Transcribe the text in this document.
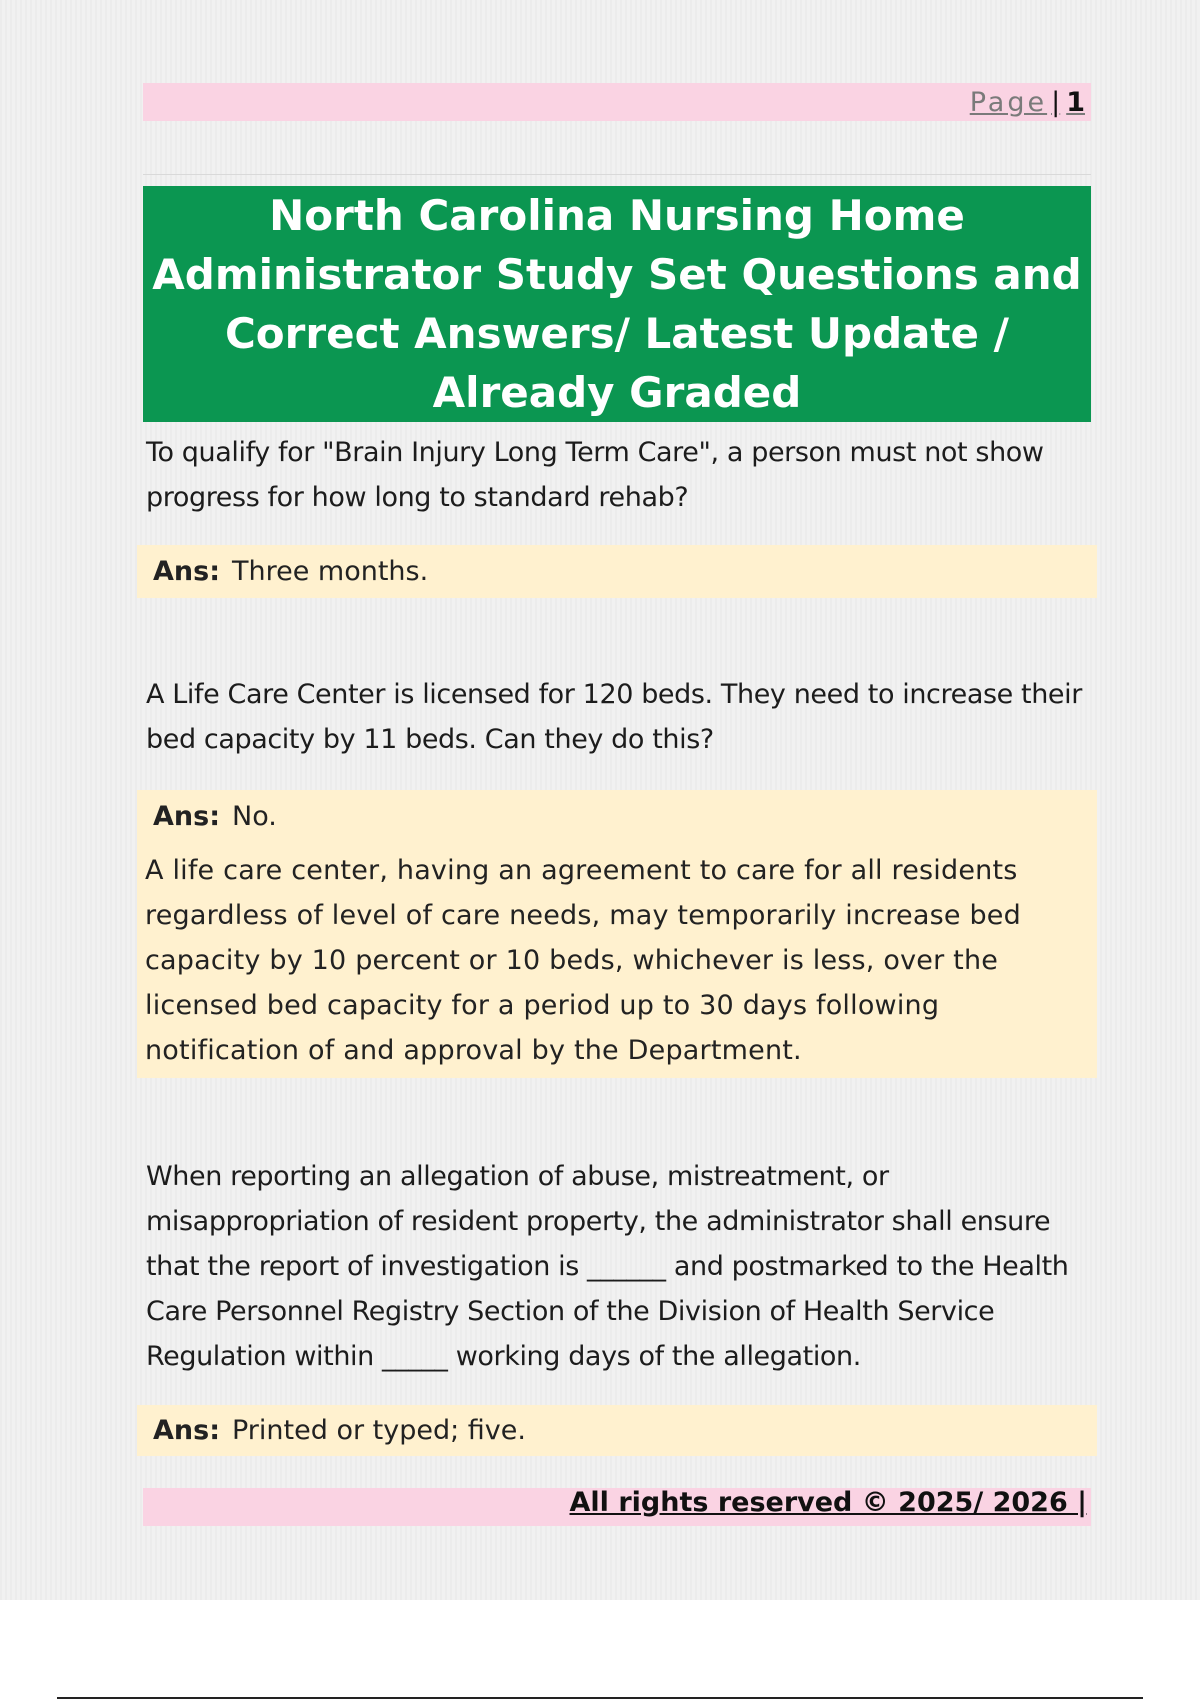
Page | 1
North Carolina Nursing Home Administrator Study Set Questions and Correct Answers/ Latest Update / Already Graded
To qualify for "Brain Injury Long Term Care", a person must not show progress for how long to standard rehab?
Ans: Three months.
A Life Care Center is licensed for 120 beds. They need to increase their bed capacity by 11 beds. Can they do this?
Ans: No.
A life care center, having an agreement to care for all residents regardless of level of care needs, may temporarily increase bed capacity by 10 percent or 10 beds, whichever is less, over the licensed bed capacity for a period up to 30 days following notification of and approval by the Department.
When reporting an allegation of abuse, mistreatment, or misappropriation of resident property, the administrator shall ensure that the report of investigation is ______ and postmarked to the Health Care Personnel Registry Section of the Division of Health Service Regulation within _____ working days of the allegation.
Ans: Printed or typed; five.
All rights reserved © 2025/ 2026 |
